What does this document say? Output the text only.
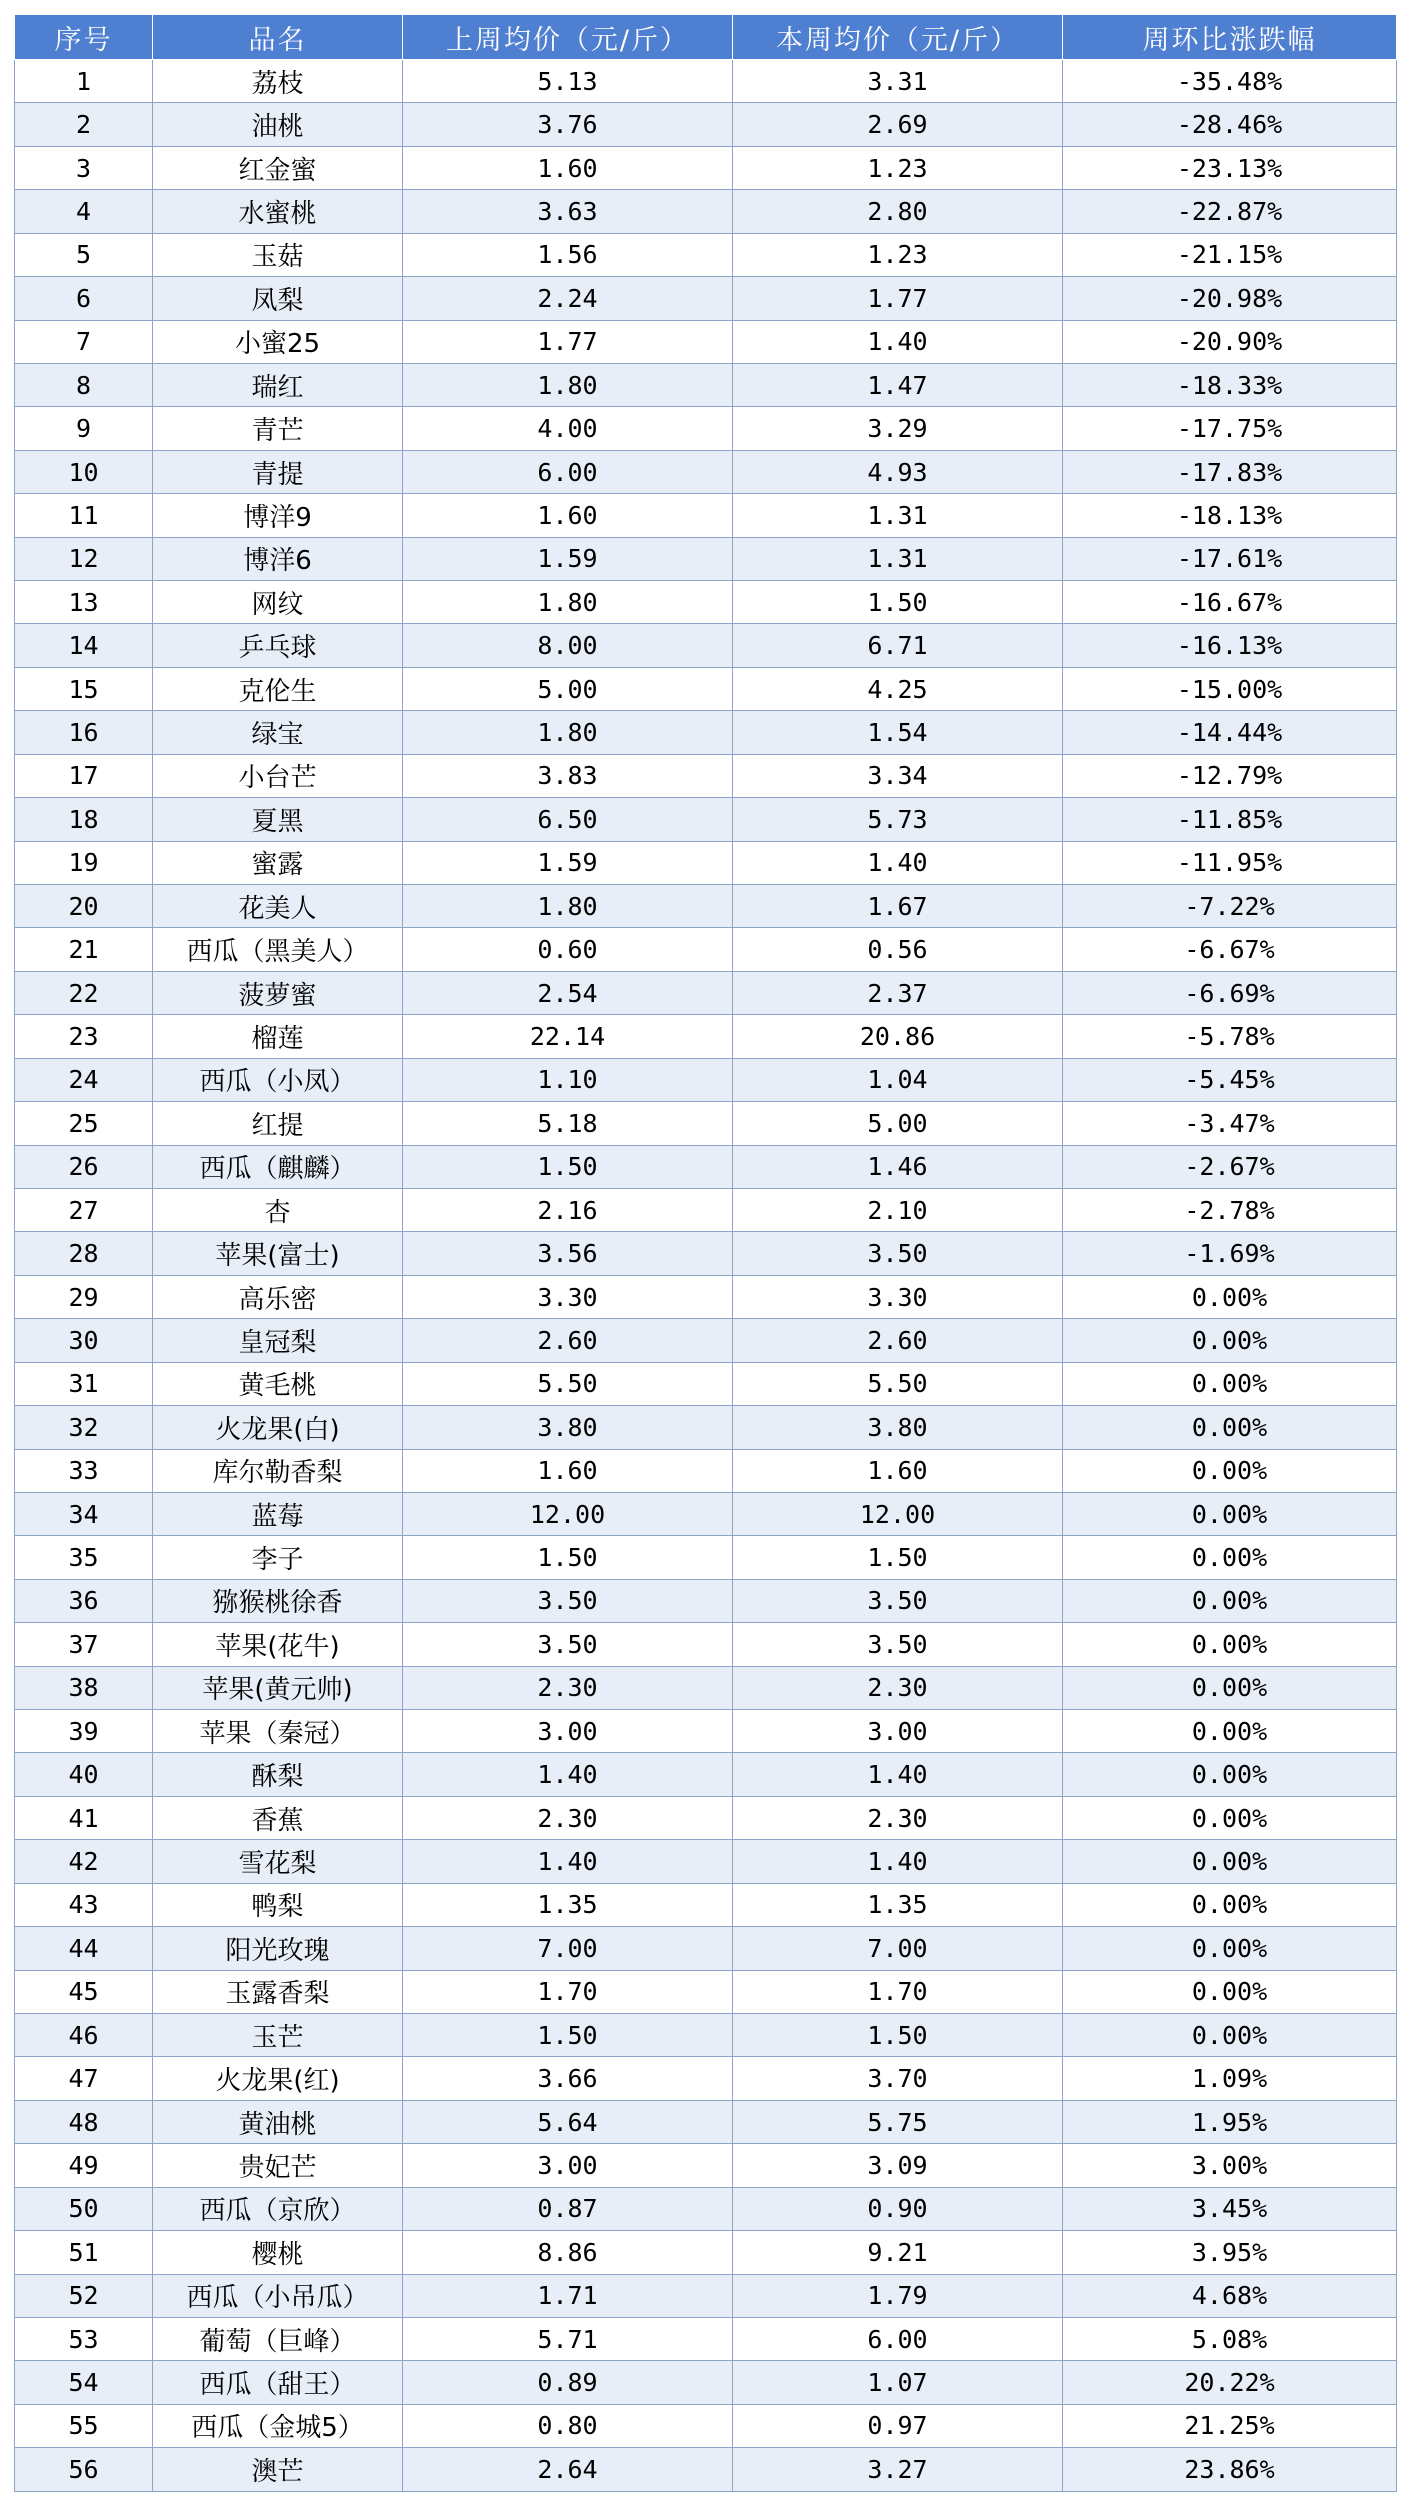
序号	品名	上周均价（元/斤）	本周均价（元/斤）	周环比涨跌幅
1	荔枝	5.13	3.31	-35.48%
2	油桃	3.76	2.69	-28.46%
3	红金蜜	1.60	1.23	-23.13%
4	水蜜桃	3.63	2.80	-22.87%
5	玉菇	1.56	1.23	-21.15%
6	凤梨	2.24	1.77	-20.98%
7	小蜜25	1.77	1.40	-20.90%
8	瑞红	1.80	1.47	-18.33%
9	青芒	4.00	3.29	-17.75%
10	青提	6.00	4.93	-17.83%
11	博洋9	1.60	1.31	-18.13%
12	博洋6	1.59	1.31	-17.61%
13	网纹	1.80	1.50	-16.67%
14	乒乓球	8.00	6.71	-16.13%
15	克伦生	5.00	4.25	-15.00%
16	绿宝	1.80	1.54	-14.44%
17	小台芒	3.83	3.34	-12.79%
18	夏黑	6.50	5.73	-11.85%
19	蜜露	1.59	1.40	-11.95%
20	花美人	1.80	1.67	-7.22%
21	西瓜（黑美人）	0.60	0.56	-6.67%
22	菠萝蜜	2.54	2.37	-6.69%
23	榴莲	22.14	20.86	-5.78%
24	西瓜（小凤）	1.10	1.04	-5.45%
25	红提	5.18	5.00	-3.47%
26	西瓜（麒麟）	1.50	1.46	-2.67%
27	杏	2.16	2.10	-2.78%
28	苹果(富士)	3.56	3.50	-1.69%
29	高乐密	3.30	3.30	0.00%
30	皇冠梨	2.60	2.60	0.00%
31	黄毛桃	5.50	5.50	0.00%
32	火龙果(白)	3.80	3.80	0.00%
33	库尔勒香梨	1.60	1.60	0.00%
34	蓝莓	12.00	12.00	0.00%
35	李子	1.50	1.50	0.00%
36	猕猴桃徐香	3.50	3.50	0.00%
37	苹果(花牛)	3.50	3.50	0.00%
38	苹果(黄元帅)	2.30	2.30	0.00%
39	苹果（秦冠）	3.00	3.00	0.00%
40	酥梨	1.40	1.40	0.00%
41	香蕉	2.30	2.30	0.00%
42	雪花梨	1.40	1.40	0.00%
43	鸭梨	1.35	1.35	0.00%
44	阳光玫瑰	7.00	7.00	0.00%
45	玉露香梨	1.70	1.70	0.00%
46	玉芒	1.50	1.50	0.00%
47	火龙果(红)	3.66	3.70	1.09%
48	黄油桃	5.64	5.75	1.95%
49	贵妃芒	3.00	3.09	3.00%
50	西瓜（京欣）	0.87	0.90	3.45%
51	樱桃	8.86	9.21	3.95%
52	西瓜（小吊瓜）	1.71	1.79	4.68%
53	葡萄（巨峰）	5.71	6.00	5.08%
54	西瓜（甜王）	0.89	1.07	20.22%
55	西瓜（金城5）	0.80	0.97	21.25%
56	澳芒	2.64	3.27	23.86%
